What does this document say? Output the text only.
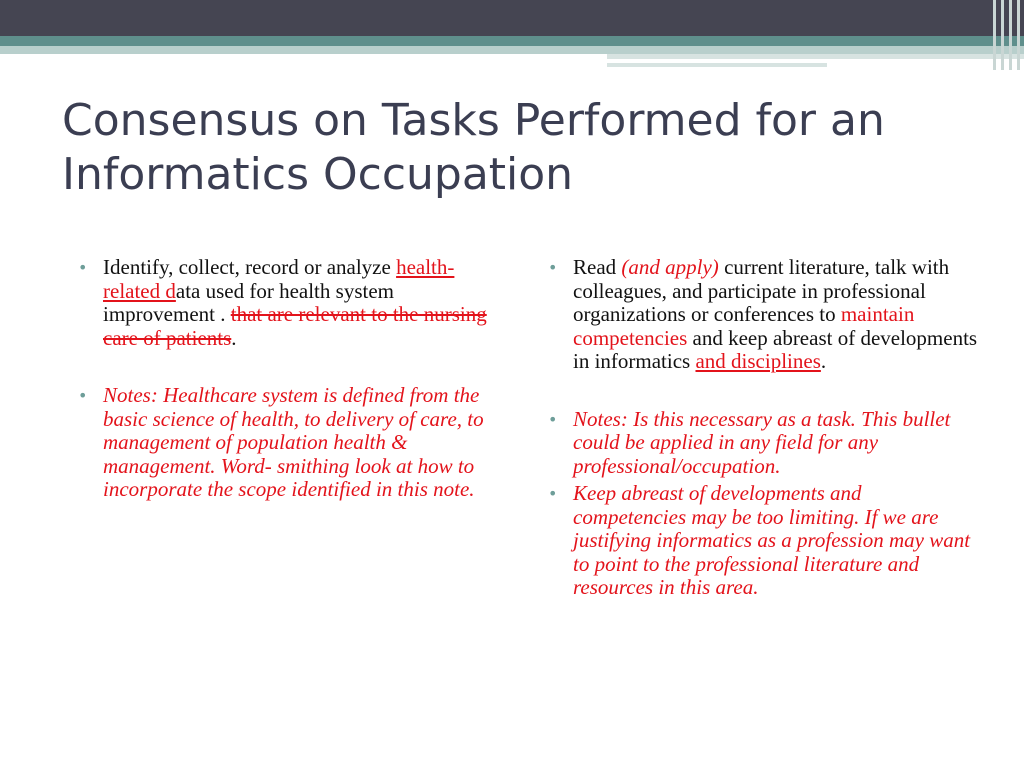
Consensus on Tasks Performed for an
Informatics Occupation
• Identify, collect, record or analyze health-related data used for health system improvement . that are relevant to the nursing care of patients.
• Notes: Healthcare system is defined from the basic science of health, to delivery of care, to management of population health & management. Word- smithing look at how to incorporate the scope identified in this note.
• Read (and apply) current literature, talk with colleagues, and participate in professional organizations or conferences to maintain competencies and keep abreast of developments in informatics and disciplines.
• Notes: Is this necessary as a task. This bullet could be applied in any field for any professional/occupation.
• Keep abreast of developments and competencies may be too limiting. If we are justifying informatics as a profession may want to point to the professional literature and resources in this area.
